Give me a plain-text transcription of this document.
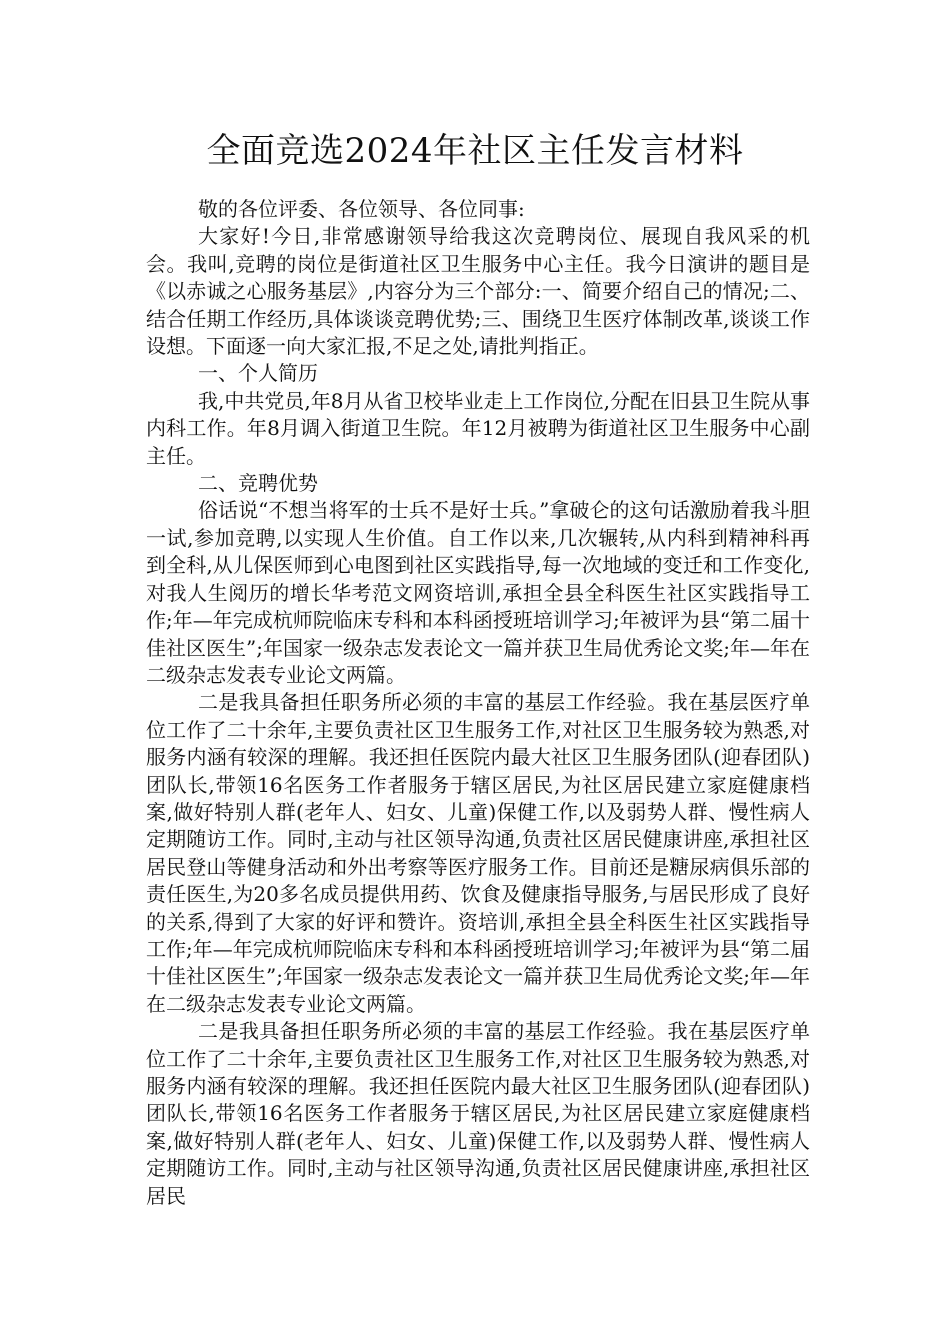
全面竞选2024年社区主任发言材料

敬的各位评委、各位领导、各位同事:

大家好!今日,非常感谢领导给我这次竞聘岗位、展现自我风采的机会。我叫,竞聘的岗位是街道社区卫生服务中心主任。我今日演讲的题目是《以赤诚之心服务基层》,内容分为三个部分:一、简要介绍自己的情况;二、结合任期工作经历,具体谈谈竞聘优势;三、围绕卫生医疗体制改革,谈谈工作设想。下面逐一向大家汇报,不足之处,请批判指正。

一、个人简历

我,中共党员,年8月从省卫校毕业走上工作岗位,分配在旧县卫生院从事内科工作。年8月调入街道卫生院。年12月被聘为街道社区卫生服务中心副主任。

二、竞聘优势

俗话说“不想当将军的士兵不是好士兵。”拿破仑的这句话激励着我斗胆一试,参加竞聘,以实现人生价值。自工作以来,几次辗转,从内科到精神科再到全科,从儿保医师到心电图到社区实践指导,每一次地域的变迁和工作变化,对我人生阅历的增长华考范文网资培训,承担全县全科医生社区实践指导工作;年—年完成杭师院临床专科和本科函授班培训学习;年被评为县“第二届十佳社区医生”;年国家一级杂志发表论文一篇并获卫生局优秀论文奖;年—年在二级杂志发表专业论文两篇。

二是我具备担任职务所必须的丰富的基层工作经验。我在基层医疗单位工作了二十余年,主要负责社区卫生服务工作,对社区卫生服务较为熟悉,对服务内涵有较深的理解。我还担任医院内最大社区卫生服务团队(迎春团队)团队长,带领16名医务工作者服务于辖区居民,为社区居民建立家庭健康档案,做好特别人群(老年人、妇女、儿童)保健工作,以及弱势人群、慢性病人定期随访工作。同时,主动与社区领导沟通,负责社区居民健康讲座,承担社区居民登山等健身活动和外出考察等医疗服务工作。目前还是糖尿病俱乐部的责任医生,为20多名成员提供用药、饮食及健康指导服务,与居民形成了良好的关系,得到了大家的好评和赞许。资培训,承担全县全科医生社区实践指导工作;年—年完成杭师院临床专科和本科函授班培训学习;年被评为县“第二届十佳社区医生”;年国家一级杂志发表论文一篇并获卫生局优秀论文奖;年—年在二级杂志发表专业论文两篇。

二是我具备担任职务所必须的丰富的基层工作经验。我在基层医疗单位工作了二十余年,主要负责社区卫生服务工作,对社区卫生服务较为熟悉,对服务内涵有较深的理解。我还担任医院内最大社区卫生服务团队(迎春团队)团队长,带领16名医务工作者服务于辖区居民,为社区居民建立家庭健康档案,做好特别人群(老年人、妇女、儿童)保健工作,以及弱势人群、慢性病人定期随访工作。同时,主动与社区领导沟通,负责社区居民健康讲座,承担社区居民
